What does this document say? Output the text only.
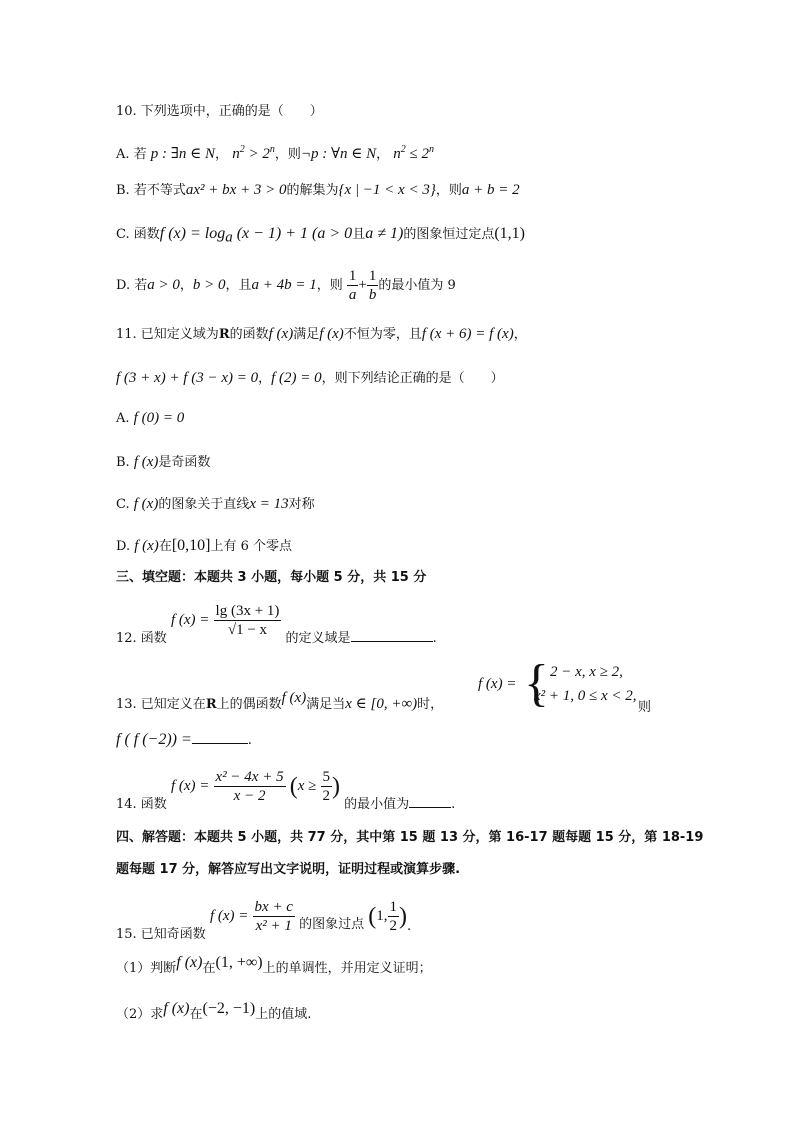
10. 下列选项中，正确的是（　　）
A. 若 p : ∃n ∈ N， $n^2 > 2^n$，则¬p : ∀n ∈ N， $n^2 \le 2^n$
B. 若不等式ax² + bx + 3 > 0的解集为{x | −1 < x < 3}，则a + b = 2
C. 函数f $(x) = \log_a (x - 1) + 1$ (a > 0且a ≠ 1)的图象恒过定点(1,1)
D. 若a > 0，b > 0，且a + 4b = 1，则 $\frac{1}{a} + \frac{1}{b}$ 的最小值为 9
11. 已知定义域为R的函数f (x)满足f (x)不恒为零，且f (x + 6) = f (x)，
f (3 + x) + f (3 − x) = 0，f (2) = 0，则下列结论正确的是（　　）
A. f (0) = 0
B. f (x)是奇函数
C. f (x)的图象关于直线x = 13对称
D. f (x)在[0,10]上有 6 个零点
三、填空题：本题共 3 小题，每小题 5 分，共 15 分
12. 函数 f $(x) = \frac{\lg (3x + 1)}{√1 - x}$ 的定义域是	.
13. 已知定义在R上的偶函数f (x)满足当x ∈ [0, +∞)时，
f (x) = { 2 − x, x ≥ 2,
x² + 1, 0 ≤ x < 2,
则
f ( f (−2)) =	.
14. 函数 f $(x) = \frac{\text{x² − 4x + 5}}{x - 2} (x \ge \frac{5}{2}$ ) 的最小值为	.
四、解答题：本题共 5 小题，共 77 分，其中第 15 题 13 分，第 16-17 题每题 15 分，第 18-19
题每题 17 分，解答应写出文字说明，证明过程或演算步骤.
15. 已知奇函数 f $(x) = \frac{bx + c}{\text{x² + 1}}$ 的图象过点 (1, $\frac{1}{2}$ ).
（1）判断f (x)在(1, +∞)上的单调性，并用定义证明；
（2）求f (x)在(−2, −1)上的值域.
